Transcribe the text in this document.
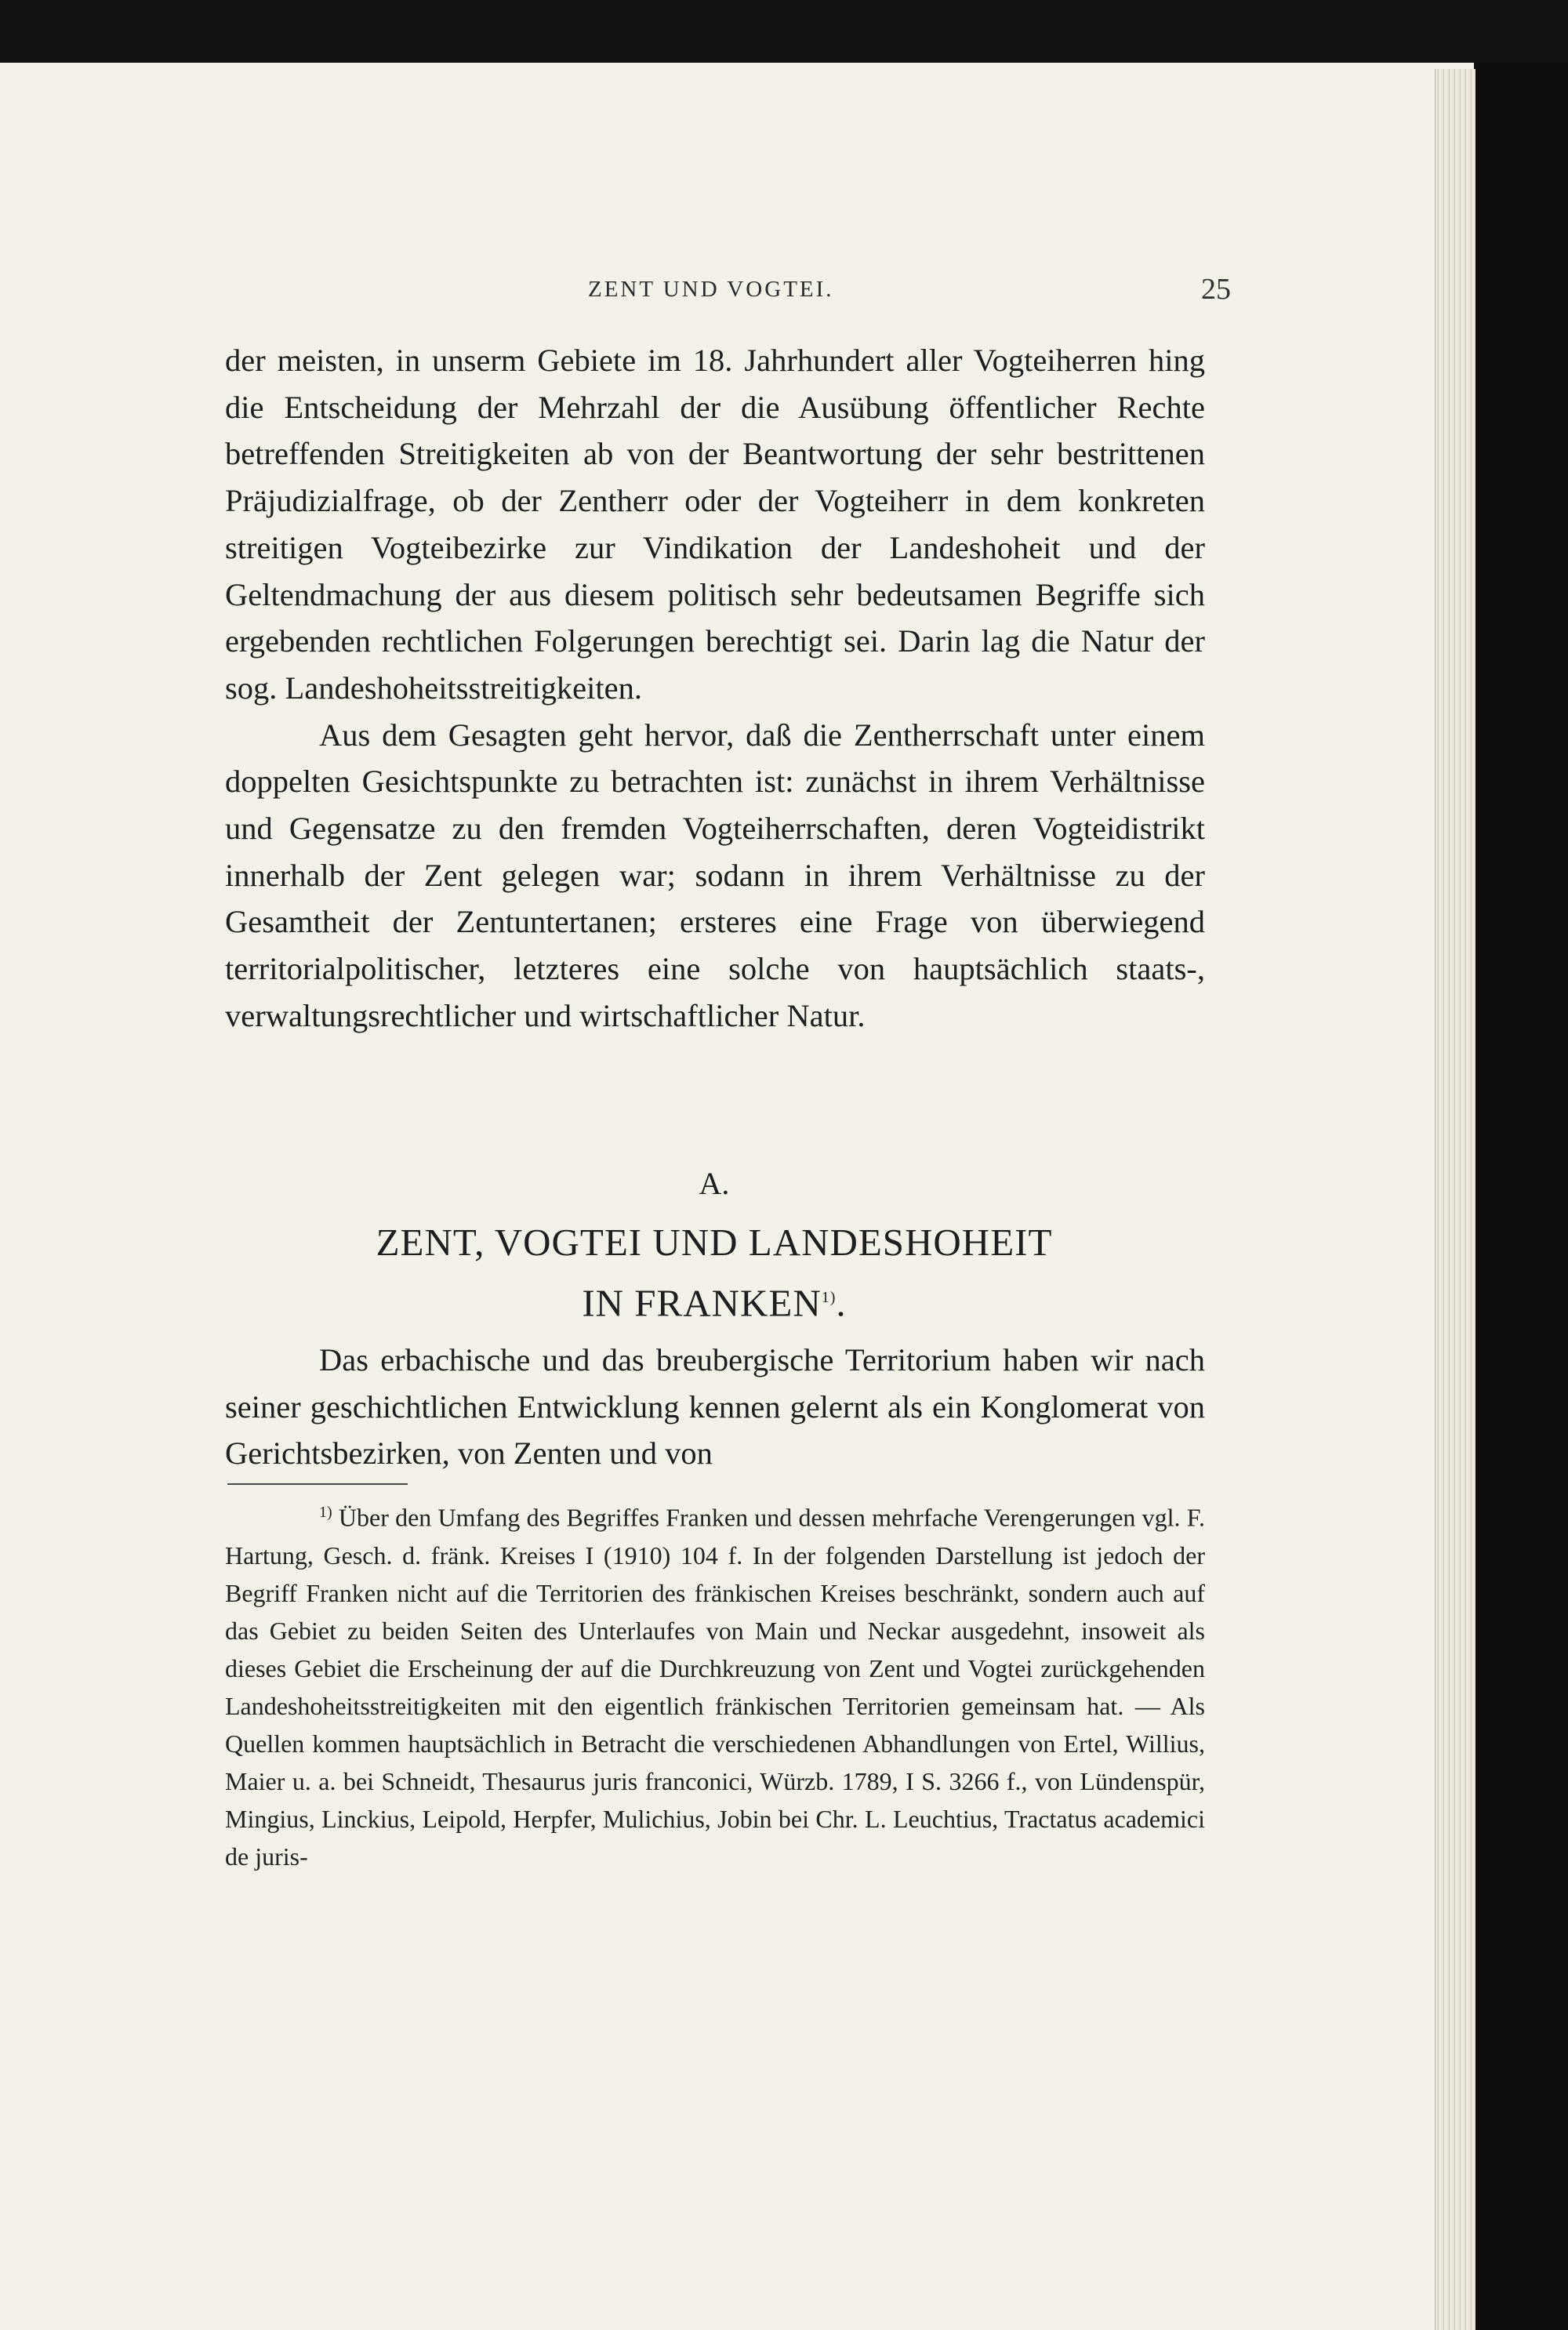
ZENT UND VOGTEI.	25

der meisten, in unserm Gebiete im 18. Jahrhundert aller Vogteiherren hing die Entscheidung der Mehrzahl der die Ausübung öffentlicher Rechte betreffenden Streitigkeiten ab von der Beantwortung der sehr bestrittenen Präjudizialfrage, ob der Zentherr oder der Vogteiherr in dem konkreten streitigen Vogteibezirke zur Vindikation der Landeshoheit und der Geltendmachung der aus diesem politisch sehr bedeutsamen Begriffe sich ergebenden rechtlichen Folgerungen berechtigt sei. Darin lag die Natur der sog. Landeshoheitsstreitigkeiten.

Aus dem Gesagten geht hervor, daß die Zentherrschaft unter einem doppelten Gesichtspunkte zu betrachten ist: zunächst in ihrem Verhältnisse und Gegensatze zu den fremden Vogteiherrschaften, deren Vogteidistrikt innerhalb der Zent gelegen war; sodann in ihrem Verhältnisse zu der Gesamtheit der Zentuntertanen; ersteres eine Frage von überwiegend territorialpolitischer, letzteres eine solche von hauptsächlich staats-, verwaltungsrechtlicher und wirtschaftlicher Natur.

A.
ZENT, VOGTEI UND LANDESHOHEIT
IN FRANKEN$^{1)}$.

Das erbachische und das breubergische Territorium haben wir nach seiner geschichtlichen Entwicklung kennen gelernt als ein Konglomerat von Gerichtsbezirken, von Zenten und von

$^{1)}$ Über den Umfang des Begriffes Franken und dessen mehrfache Verengerungen vgl. F. Hartung, Gesch. d. fränk. Kreises I (1910) 104 f. In der folgenden Darstellung ist jedoch der Begriff Franken nicht auf die Territorien des fränkischen Kreises beschränkt, sondern auch auf das Gebiet zu beiden Seiten des Unterlaufes von Main und Neckar ausgedehnt, insoweit als dieses Gebiet die Erscheinung der auf die Durchkreuzung von Zent und Vogtei zurückgehenden Landeshoheitsstreitigkeiten mit den eigentlich fränkischen Territorien gemeinsam hat. — Als Quellen kommen hauptsächlich in Betracht die verschiedenen Abhandlungen von Ertel, Willius, Maier u. a. bei Schneidt, Thesaurus juris franconici, Würzb. 1789, I S. 3266 f., von Lündenspür, Mingius, Linckius, Leipold, Herpfer, Mulichius, Jobin bei Chr. L. Leuchtius, Tractatus academici de juris-
